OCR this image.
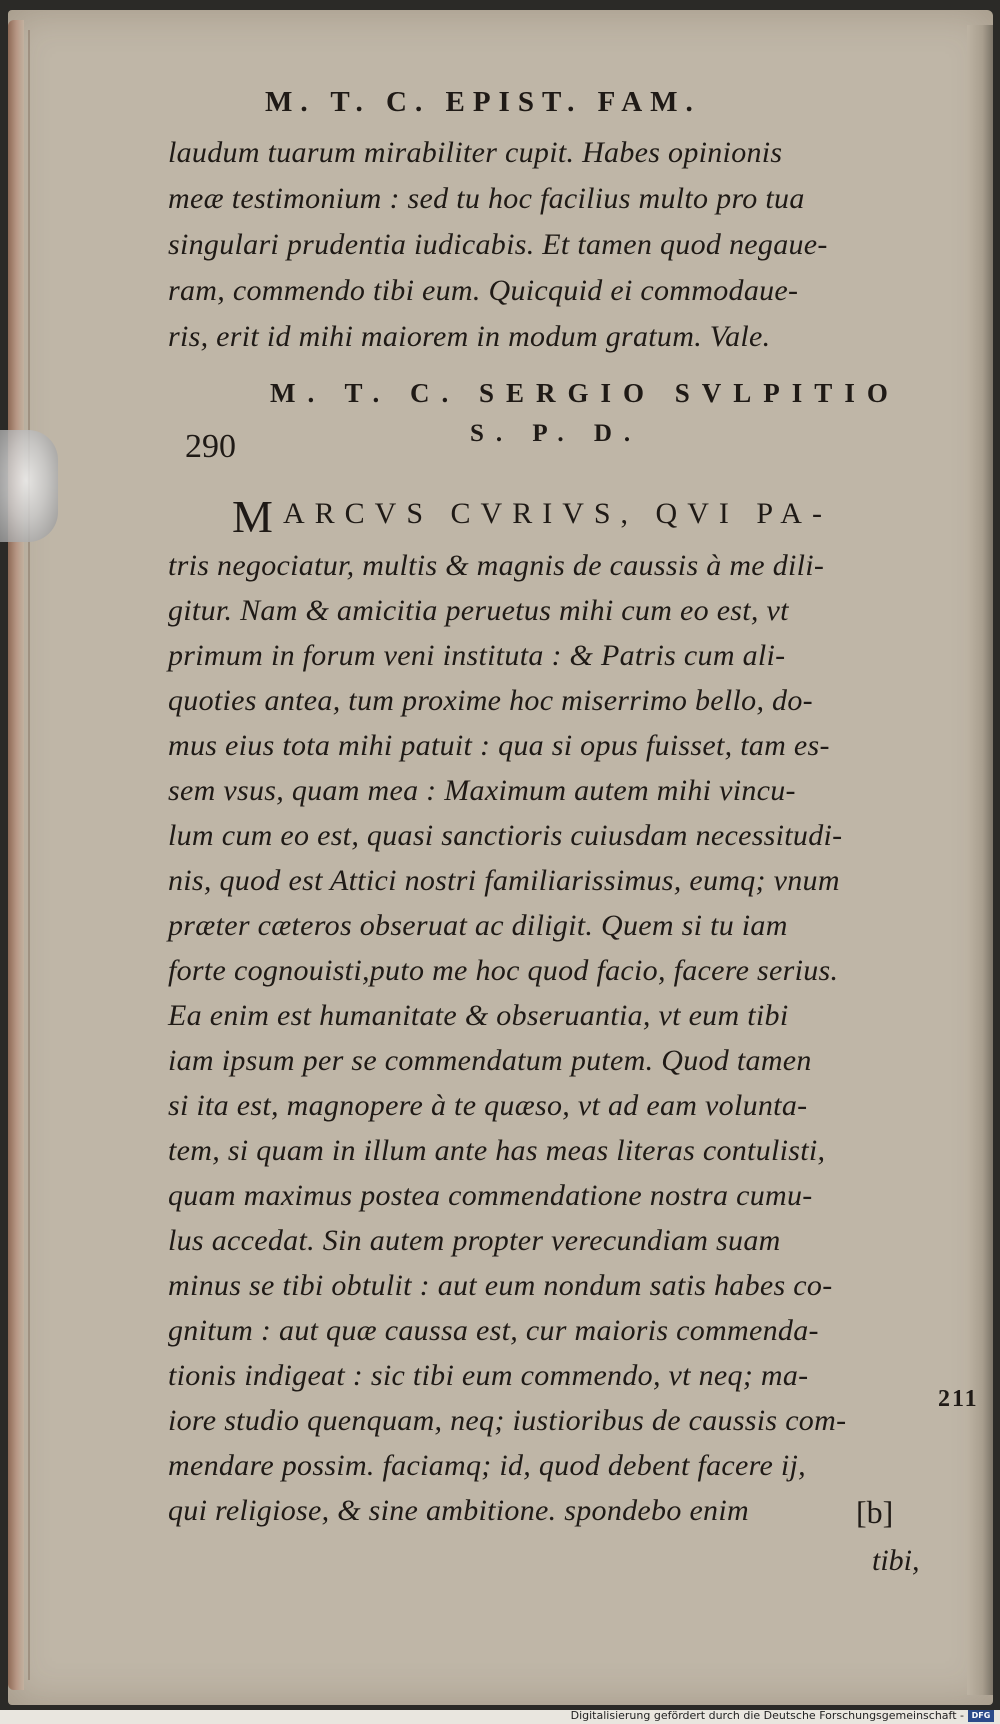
M. T. C. EPIST. FAM.
laudum tuarum mirabiliter cupit. Habes opinionis
meæ testimonium : sed tu hoc facilius multo pro tua
singulari prudentia iudicabis. Et tamen quod negaue-
ram, commendo tibi eum. Quicquid ei commodaue-
ris, erit id mihi maiorem in modum gratum. Vale.
M. T. C. SERGIO SVLPITIO
290	S. P. D.
M ARCVS CVRIVS, QVI PA-
tris negociatur, multis & magnis de caussis à me dili-
gitur. Nam & amicitia peruetus mihi cum eo est, vt
primum in forum veni instituta : & Patris cum ali-
quoties antea, tum proxime hoc miserrimo bello, do-
mus eius tota mihi patuit : qua si opus fuisset, tam es-
sem vsus, quam mea : Maximum autem mihi vincu-
lum cum eo est, quasi sanctioris cuiusdam necessitudi-
nis, quod est Attici nostri familiarissimus, eumq; vnum
præter cæteros obseruat ac diligit. Quem si tu iam
forte cognouisti,puto me hoc quod facio, facere serius.
Ea enim est humanitate & obseruantia, vt eum tibi
iam ipsum per se commendatum putem. Quod tamen
si ita est, magnopere à te quæso, vt ad eam volunta-
tem, si quam in illum ante has meas literas contulisti,
quam maximus postea commendatione nostra cumu-
lus accedat. Sin autem propter verecundiam suam
minus se tibi obtulit : aut eum nondum satis habes co-
gnitum : aut quæ caussa est, cur maioris commenda-
tionis indigeat : sic tibi eum commendo, vt neq; ma-
iore studio quenquam, neq; iustioribus de caussis com-
mendare possim. faciamq; id, quod debent facere ij,
qui religiose, & sine ambitione. spondebo enim	[b]
211
tibi,
Digitalisierung gefördert durch die Deutsche Forschungsgemeinschaft - DFG
